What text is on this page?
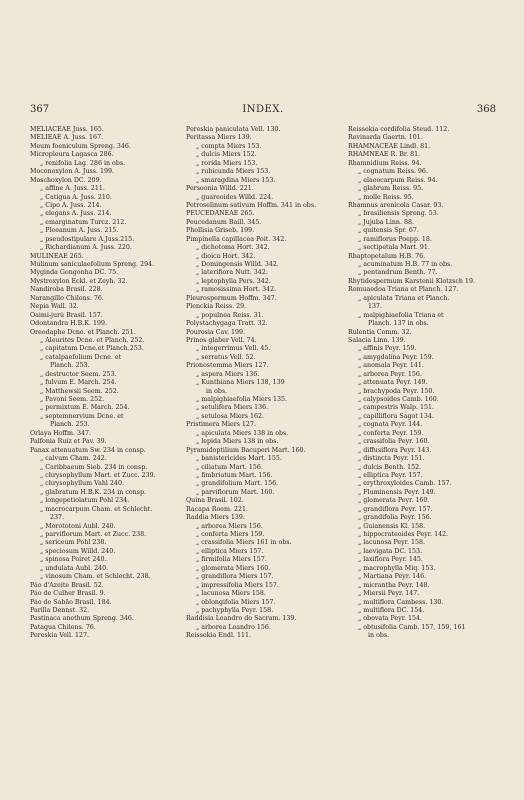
367	INDEX.	368
MELIACEAE Juss. 165.
MELIEAE A. Juss. 167.
Meum foeniculum Spreng. 346.
Micropleura Lagasca 286.
„ renifolia Lag. 286 in obs.
Moconoxylon A. Juss. 199.
Moschoxylon DC. 209.
„ affine A. Juss. 211.
„ Catigua A. Juss. 210.
„ Cipo A. Juss. 214.
„ elegans A. Juss. 214.
„ emarginatum Turcz. 212.
„ Pleeanum A. Juss. 215.
„ pseudostipulare A.Juss.215.
„ Richardianum A. Juss. 220.
MULINEAE 265.
Mulinum saniculaefolium Spreng. 294.
Myginda Gongonha DC. 75.
Mystroxylon Eckl. et Zeyh. 32.
Nandiroba Brasil. 228.
Narangillo Chilens. 76.
Nepia Wall. 32.
Oaimí-jurú Brasil. 157.
Odontandra H.B.K. 199.
Oreodaphe Dcne. et Planch. 251.
„ Aleurites Dcne. et Planch. 252.
„ capitatum Dcne.et Planch.253.
„ catalpaefolium Dcne. et
Planch. 253.
„ destructor Seem. 253.
„ fulvum E. March. 254.
„ Matthewsii Seem. 252.
„ Pavoni Seem. 252.
„ permixtum E. March. 254.
„ septemnervium Dcne. et
Planch. 253.
Orlaya Hoffm. 347.
Palfonia Ruiz et Pav. 39.
Panax attenuatum Sw. 234 in consp.
„ calvum Cham. 242.
„ Caribbaeum Sieb. 234 in consp.
„ chrysophyllum Mart. et Zucc. 239.
„ chrysophyllum Vahl 240.
„ glabratum H.B.K. 234 in consp.
„ longepetiolatum Pohl 234.
„ macrocarpum Cham. et Schlecht.
237.
„ Morototoni Aubl. 240.
„ parviflorum Mart. et Zucc. 238.
„ sericeum Pohl 238.
„ speciosum Willd. 240.
„ spinosa Poiret 240.
„ undulata Aubl. 240.
„ vinosum Cham. et Schlecht. 238.
Páo d'Azeite Brasil. 52.
Páo de Culher Brasil. 9.
Páo de Sabão Brasil. 184.
Parilla Dennst. 32.
Pastinaca anethum Spreng. 346.
Patagua Chilens. 76.
Pereskia Vell. 127.
Pereskia paniculata Vell. 130.
Peritassa Miers 139.
„ compta Miers 153.
„ dulcis Miers 152.
„ rorida Miers 153.
„ rubicunda Miers 153.
„ smaragdina Miers 153.
Persoonia Willd. 221.
„ guareoides Willd. 224.
Petroselinum sativum Hoffm. 341 in obs.
PEUCEDANEAE 265.
Peucedanum Baill. 345.
Phollisia Griseb. 199.
Pimpinella capillacea Poit. 342.
„ dichotoma Hort. 342.
„ dioica Hort. 342.
„ Domingensis Willd. 342.
„ laterifiora Nutt. 342.
„ leptophylla Pers. 342.
„ ramosissima Hort. 342.
Pleurospermum Hoffm. 347.
Plenckia Reiss. 29.
„ populnea Reiss. 31.
Polystachygaga Tratt. 32.
Pourosia Cav. 199.
Prinos glaber Vell. 74.
„ integerrimus Vell. 45.
„ serratus Vell. 52.
Prionostemma Miers 127.
„ aspera Miers 136.
„ Kunthiana Miers 138, 139
in obs.
„ malpighiaefolia Miers 135.
„ setulifera Miers 136.
„ setulosa Miers 162.
Pristimera Miers 127.
„ apiculata Miers 138 in obs.
„ lepida Miers 138 in obs.
Pyramidoptilium Bacuperi Mart. 160.
„ banistericides Mart. 155.
„ ciliatum Mart. 156.
„ fimbriatum Mart. 156.
„ grandifolium Mart. 156.
„ parviflorum Mart. 160.
Quina Brasil. 102.
Racapa Roem. 221.
Raddia Miers 139.
„ arborea Miers 156.
„ conferta Miers 159.
„ crassifolia Miers 161 in obs.
„ elliptica Miers 157.
„ firmifolia Miers 157.
„ glomerata Miers 160.
„ grandiflora Miers 157.
„ impressifolia Miers 157.
„ lacunosa Miers 158.
„ oblongifolia Miers 157.
„ pachyphylla Peyr. 158.
Raddisia Leandro do Sacram. 139.
„ arborea Leandro 156.
Reissekia Endl. 111.
Reissekia cordifolia Steud. 112.
Revinarda Gaertn. 101.
RHAMNACEAE Lindl. 81.
RHAMNEAE R. Br. 81.
Rhamnidium Reiss. 94.
„ cognatum Reiss. 96.
„ elaeocarpum Reiss. 94.
„ glabrum Reiss. 95.
„ molle Reiss. 95.
Rhamnus arenicola Casar. 93.
„ brasiliensis Spreng. 53.
„ Jujuba Linn. 88.
„ quitensis Spr. 67.
„ ramiflorus Poepp. 18.
„ sectipetala Mart. 91.
Rhaptopetalum H.B. 76.
„ acuminatum H.B. 77 in obs.
„ pentandrum Benth. 77.
Rhytidospermum Karstenii Klotzsch 19.
Romuaedoa Triana et Planch. 127.
„ apiculata Triana et Planch.
137.
„ malpighiaefolia Triana et
Planch. 137 in obs.
Rulentia Comm. 32.
Salacia Linn. 139.
„ affinis Peyr. 159.
„ amygdalina Peyr. 159.
„ anomala Peyr. 141.
„ arborea Peyr. 156.
„ attenuata Peyr. 149.
„ brachypoda Peyr. 150.
„ calypsoides Camb. 160.
„ campestris Walp. 151.
„ capilliflora Sagot 134.
„ cognata Peyr. 144.
„ conferta Peyr. 159.
„ crassifolia Peyr. 160.
„ diffusiflora Peyr. 143.
„ distincta Peyr. 151.
„ dulcis Benth. 152.
„ elliptica Peyr. 157.
„ erythroxyloides Camb. 157.
„ Fluminensis Peyr. 149.
„ glomerata Peyr. 160.
„ grandiflora Peyr. 157.
„ grandifolia Peyr. 156.
„ Guianensis Kl. 158.
„ hippocrateoides Peyr. 142.
„ lacunosa Peyr. 158.
„ laevigata DC. 153.
„ laxiflora Peyr. 145.
„ macrophylla Miq. 153.
„ Martiana Peyr. 146.
„ micrantha Peyr. 148.
„ Miersii Peyr. 147.
„ multiflora Cambess. 130.
„ multiflora DC. 154.
„ obovata Peyr. 154.
„ obtusifolia Camb. 157, 159, 161
in obs.
